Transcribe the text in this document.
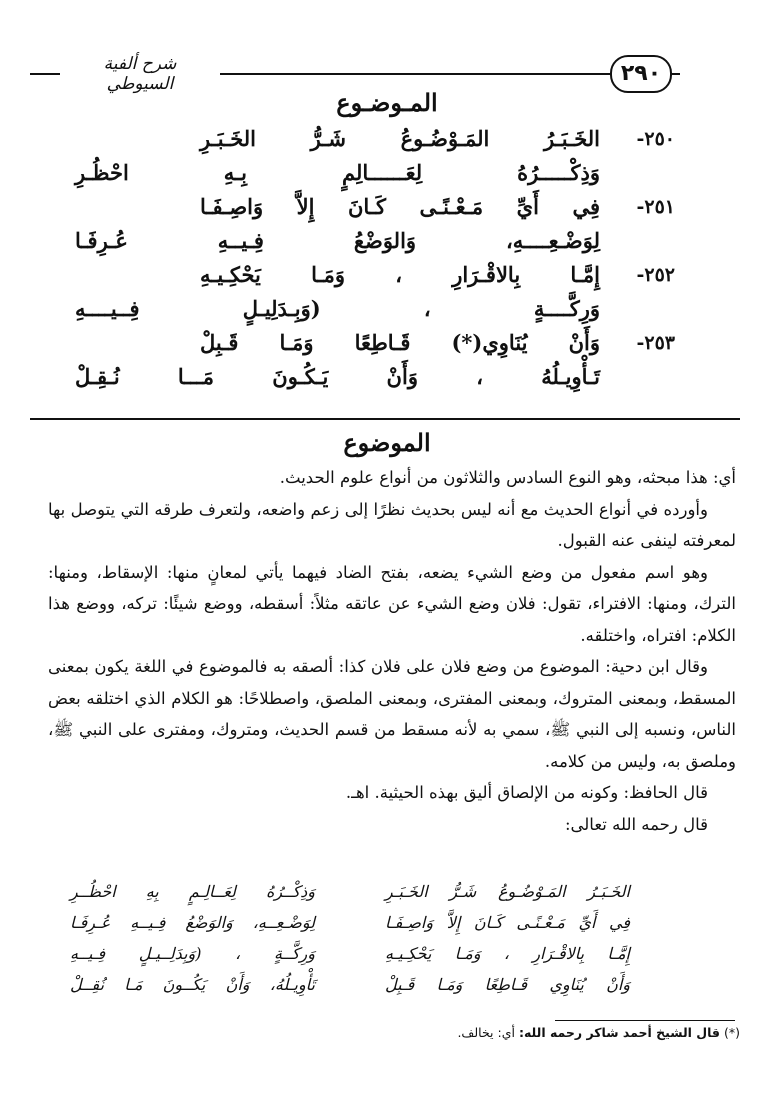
شرح ألفية السيوطي	٢٩٠
المـوضـوع
٢٥٠-
الخَـبَـرُ المَـوْضُـوعُ شَـرُّ الخَـبَـرِ
وَذِكْـــــرُهُ لِعَــــــالِمٍ بِـهِ احْظُـرِ
٢٥١-
فِي أَيِّ مَـعْـنًـى كَـانَ إِلاَّ وَاصِـفَـا
لِوَضْـعِــــهِ، وَالوَضْعُ فِـيــهِ عُـرِفَـا
٢٥٢-
إِمَّـا بِالاقْـرَارِ ، وَمَـا يَحْكِـيـهِ
وَرِكَّــــةٍ ، (وَبِـدَلِيـلٍ فِــيــــهِ
٢٥٣-
وَأَنْ يُنَاوِي(*) قَـاطِعًا وَمَـا قَـبِلْ
تَـأْوِيـلُهُ ، وَأَنْ يَـكُـونَ مَـــا نُـقِـلْ
الموضوع

أي: هذا مبحثه، وهو النوع السادس والثلاثون من أنواع علوم الحديث.

وأورده في أنواع الحديث مع أنه ليس بحديث نظرًا إلى زعم واضعه، ولتعرف طرقه التي يتوصل بها لمعرفته لينفى عنه القبول.

وهو اسم مفعول من وضع الشيء يضعه، بفتح الضاد فيهما يأتي لمعانٍ منها: الإسقاط، ومنها: الترك، ومنها: الافتراء، تقول: فلان وضع الشيء عن عاتقه مثلاً: أسقطه، ووضع شيئًا: تركه، ووضع هذا الكلام: افتراه، واختلقه.

وقال ابن دحية: الموضوع من وضع فلان على فلان كذا: ألصقه به فالموضوع في اللغة يكون بمعنى المسقط، وبمعنى المتروك، وبمعنى المفترى، وبمعنى الملصق، واصطلاحًا: هو الكلام الذي اختلقه بعض الناس، ونسبه إلى النبي ﷺ، سمي به لأنه مسقط من قسم الحديث، ومتروك، ومفترى على النبي ﷺ، وملصق به، وليس من كلامه.

قال الحافظ: وكونه من الإلصاق أليق بهذه الحيثية. اهـ.

قال رحمه الله تعالى:

الخَـبَـرُ المَـوْضُـوعُ شَـرُّ الخَـبَـرِ
وَذِكْــرُهُ لِعَــالِـمٍ بِهِ احْظُــرِ
فِي أَيِّ مَـعْـنًـى كَـانَ إِلاَّ وَاصِـفَـا
لِوَضْـعِــهِ، وَالوَضْعُ فِـيــهِ عُـرِفَـا
إِمَّـا بِالاقْـرَارِ ، وَمَـا يَحْكِـيـهِ
وَرِكَّــةٍ ، (وَبِدَلِــيـلٍ فِـيــهِ
وَأَنْ يُنَاوِي قَـاطِعًا وَمَـا قَـبِلْ
تَأْوِيـلُهُ، وَأَنْ يَكُــونَ مَـا نُقِــلْ
(*) قال الشيخ أحمد شاكر رحمه الله: أي: يخالف.
